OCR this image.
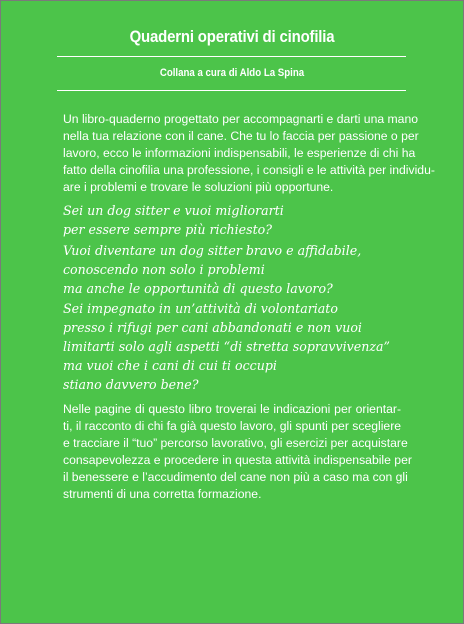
Quaderni operativi di cinofilia
Collana a cura di Aldo La Spina

Un libro-quaderno progettato per accompagnarti e darti una mano
nella tua relazione con il cane. Che tu lo faccia per passione o per
lavoro, ecco le informazioni indispensabili, le esperienze di chi ha
fatto della cinofilia una professione, i consigli e le attività per individu-
are i problemi e trovare le soluzioni più opportune.

Sei un dog sitter e vuoi migliorarti
per essere sempre più richiesto?

Vuoi diventare un dog sitter bravo e affidabile,
conoscendo non solo i problemi
ma anche le opportunità di questo lavoro?

Sei impegnato in un’attività di volontariato
presso i rifugi per cani abbandonati e non vuoi
limitarti solo agli aspetti “di stretta sopravvivenza”
ma vuoi che i cani di cui ti occupi
stiano davvero bene?

Nelle pagine di questo libro troverai le indicazioni per orientar-
ti, il racconto di chi fa già questo lavoro, gli spunti per scegliere
e tracciare il “tuo” percorso lavorativo, gli esercizi per acquistare
consapevolezza e procedere in questa attività indispensabile per
il benessere e l’accudimento del cane non più a caso ma con gli
strumenti di una corretta formazione.
